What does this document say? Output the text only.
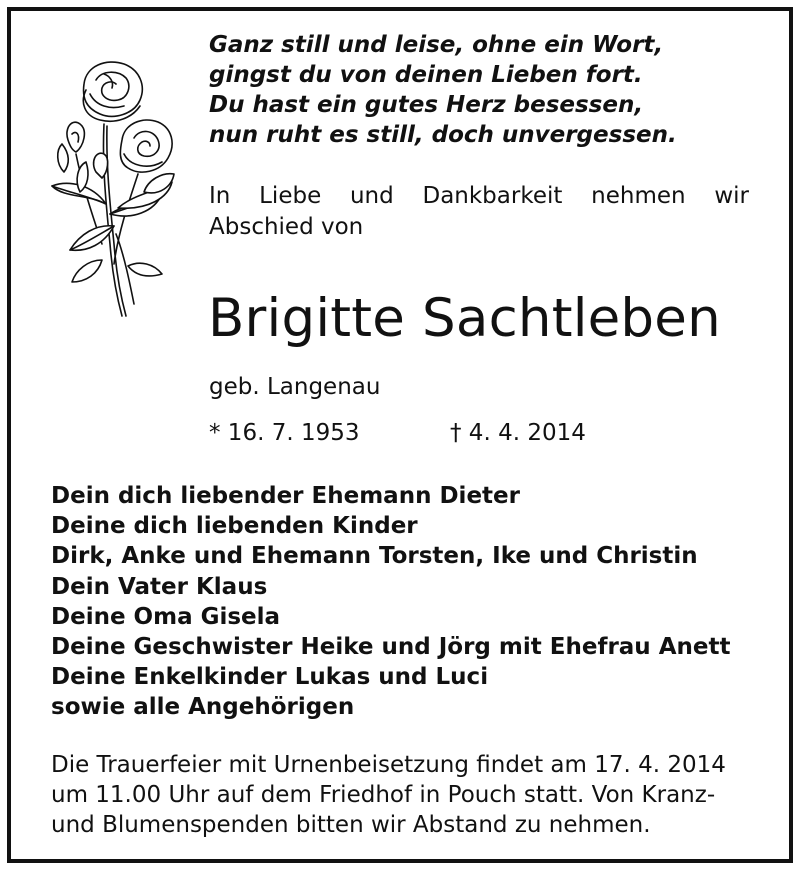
Ganz still und leise, ohne ein Wort,
gingst du von deinen Lieben fort.
Du hast ein gutes Herz besessen,
nun ruht es still, doch unvergessen.
In Liebe und Dankbarkeit nehmen wir
Abschied von
Brigitte Sachtleben
geb. Langenau
* 16. 7. 1953	† 4. 4. 2014
Dein dich liebender Ehemann Dieter
Deine dich liebenden Kinder
Dirk, Anke und Ehemann Torsten, Ike und Christin
Dein Vater Klaus
Deine Oma Gisela
Deine Geschwister Heike und Jörg mit Ehefrau Anett
Deine Enkelkinder Lukas und Luci
sowie alle Angehörigen
Die Trauerfeier mit Urnenbeisetzung findet am 17. 4. 2014
um 11.00 Uhr auf dem Friedhof in Pouch statt. Von Kranz-
und Blumenspenden bitten wir Abstand zu nehmen.
